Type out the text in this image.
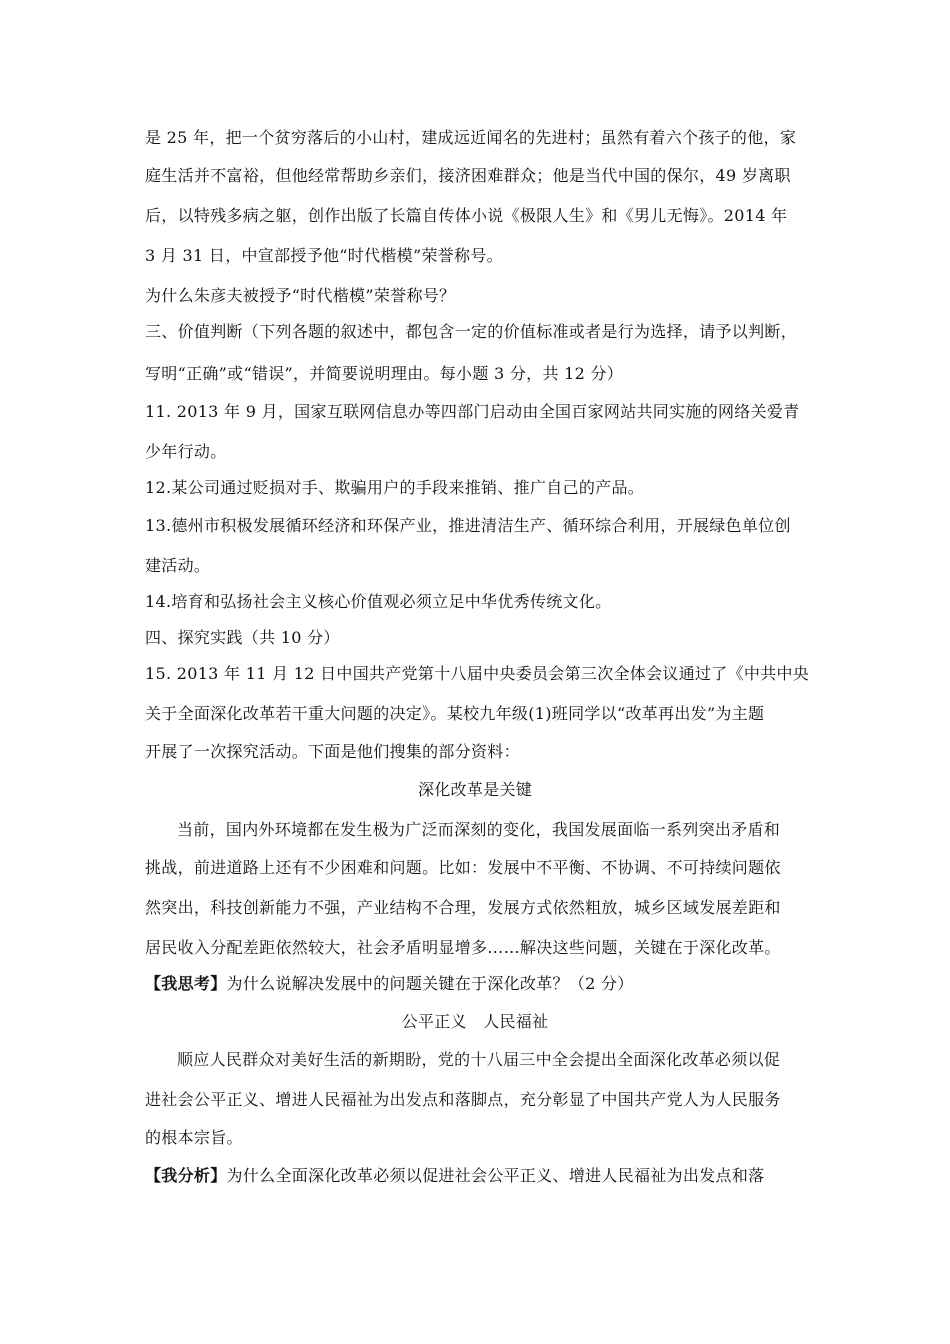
是 25 年，把一个贫穷落后的小山村，建成远近闻名的先进村；虽然有着六个孩子的他，家
庭生活并不富裕，但他经常帮助乡亲们，接济困难群众；他是当代中国的保尔，49 岁离职
后，以特残多病之躯，创作出版了长篇自传体小说《极限人生》和《男儿无悔》。2014 年
3 月 31 日，中宣部授予他“时代楷模”荣誉称号。
为什么朱彦夫被授予“时代楷模”荣誉称号？
三、价值判断（下列各题的叙述中，都包含一定的价值标准或者是行为选择，请予以判断，
写明“正确”或“错误”，并简要说明理由。每小题 3 分，共 12 分）
11. 2013 年 9 月，国家互联网信息办等四部门启动由全国百家网站共同实施的网络关爱青
少年行动。
12.某公司通过贬损对手、欺骗用户的手段来推销、推广自己的产品。
13.德州市积极发展循环经济和环保产业，推进清洁生产、循环综合利用，开展绿色单位创
建活动。
14.培育和弘扬社会主义核心价值观必须立足中华优秀传统文化。
四、探究实践（共 10 分）
15. 2013 年 11 月 12 日中国共产党第十八届中央委员会第三次全体会议通过了《中共中央
关于全面深化改革若干重大问题的决定》。某校九年级(1)班同学以“改革再出发”为主题
开展了一次探究活动。下面是他们搜集的部分资料：
深化改革是关键
当前，国内外环境都在发生极为广泛而深刻的变化，我国发展面临一系列突出矛盾和
挑战，前进道路上还有不少困难和问题。比如：发展中不平衡、不协调、不可持续问题依
然突出，科技创新能力不强，产业结构不合理，发展方式依然粗放，城乡区域发展差距和
居民收入分配差距依然较大，社会矛盾明显增多……解决这些问题，关键在于深化改革。
【我思考】为什么说解决发展中的问题关键在于深化改革？（2 分）
公平正义　人民福祉
顺应人民群众对美好生活的新期盼，党的十八届三中全会提出全面深化改革必须以促
进社会公平正义、增进人民福祉为出发点和落脚点，充分彰显了中国共产党人为人民服务
的根本宗旨。
【我分析】为什么全面深化改革必须以促进社会公平正义、增进人民福祉为出发点和落
